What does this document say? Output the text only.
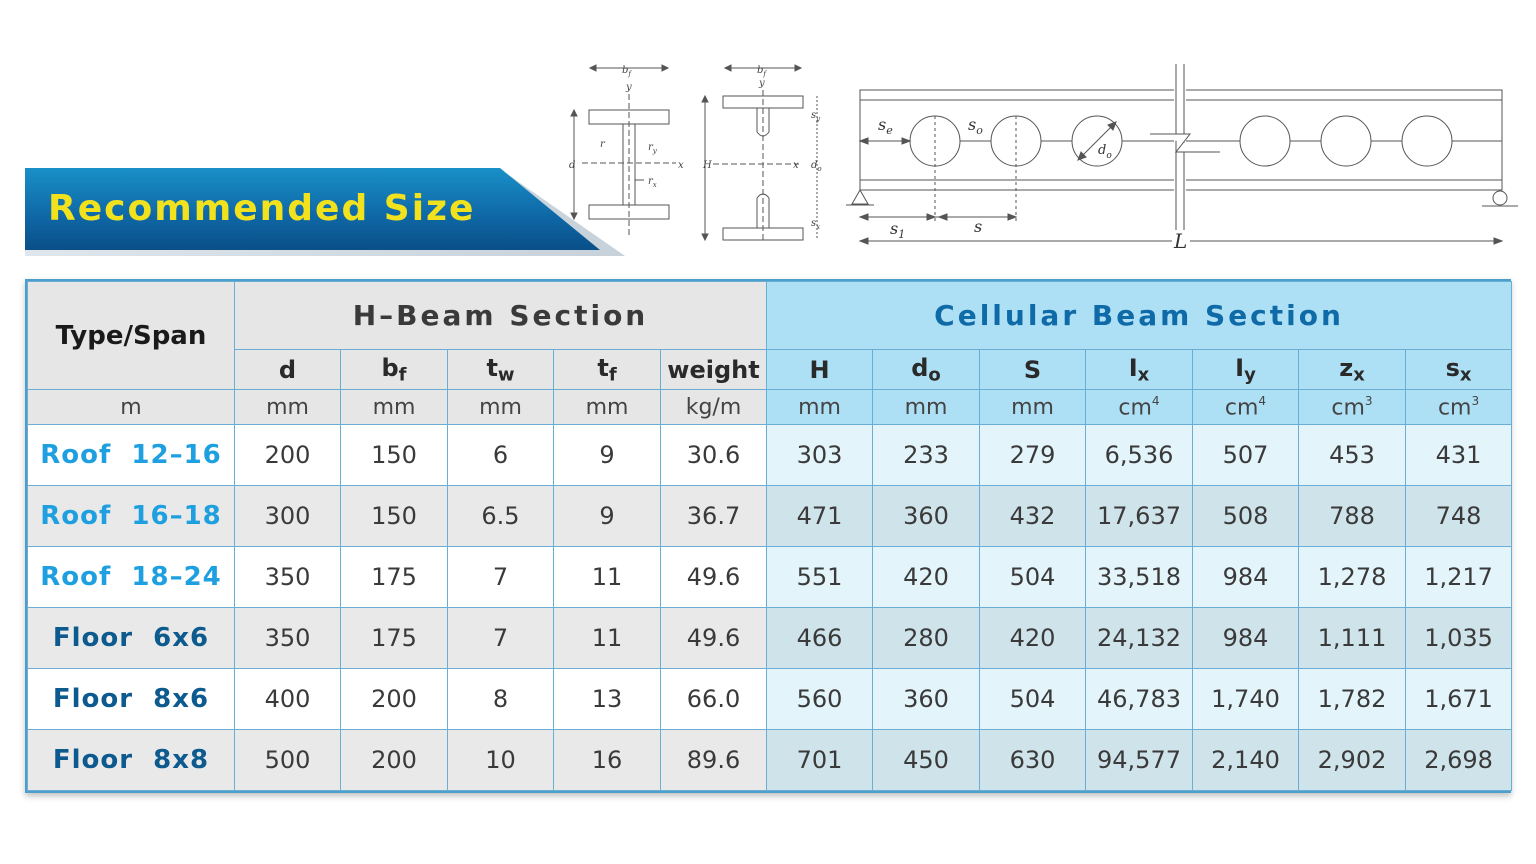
Recommended Size
$b_f$
y
d
r	$r_y$
x
$r_x$
$b_f$
y
H	x
$s_y$
$d_o$
$s_x$
$s_e$	$s_o$
$d_o$
$s_1$	s
L
Type/Span	H–Beam Section					Cellular Beam Section						
	d	$b_f$	$t_w$	$t_f$	weight	H	$d_o$	S	$I_x$	$I_y$	$z_x$	$s_x$
m	mm	mm	mm	mm	kg/m	mm	mm	mm	$cm^4$	$cm^4$	$cm^3$	$cm^3$
Roof  12–16	200	150	6	9	30.6	303	233	279	6,536	507	453	431
Roof  16–18	300	150	6.5	9	36.7	471	360	432	17,637	508	788	748
Roof  18–24	350	175	7	11	49.6	551	420	504	33,518	984	1,278	1,217
Floor  6x6	350	175	7	11	49.6	466	280	420	24,132	984	1,111	1,035
Floor  8x6	400	200	8	13	66.0	560	360	504	46,783	1,740	1,782	1,671
Floor  8x8	500	200	10	16	89.6	701	450	630	94,577	2,140	2,902	2,698
